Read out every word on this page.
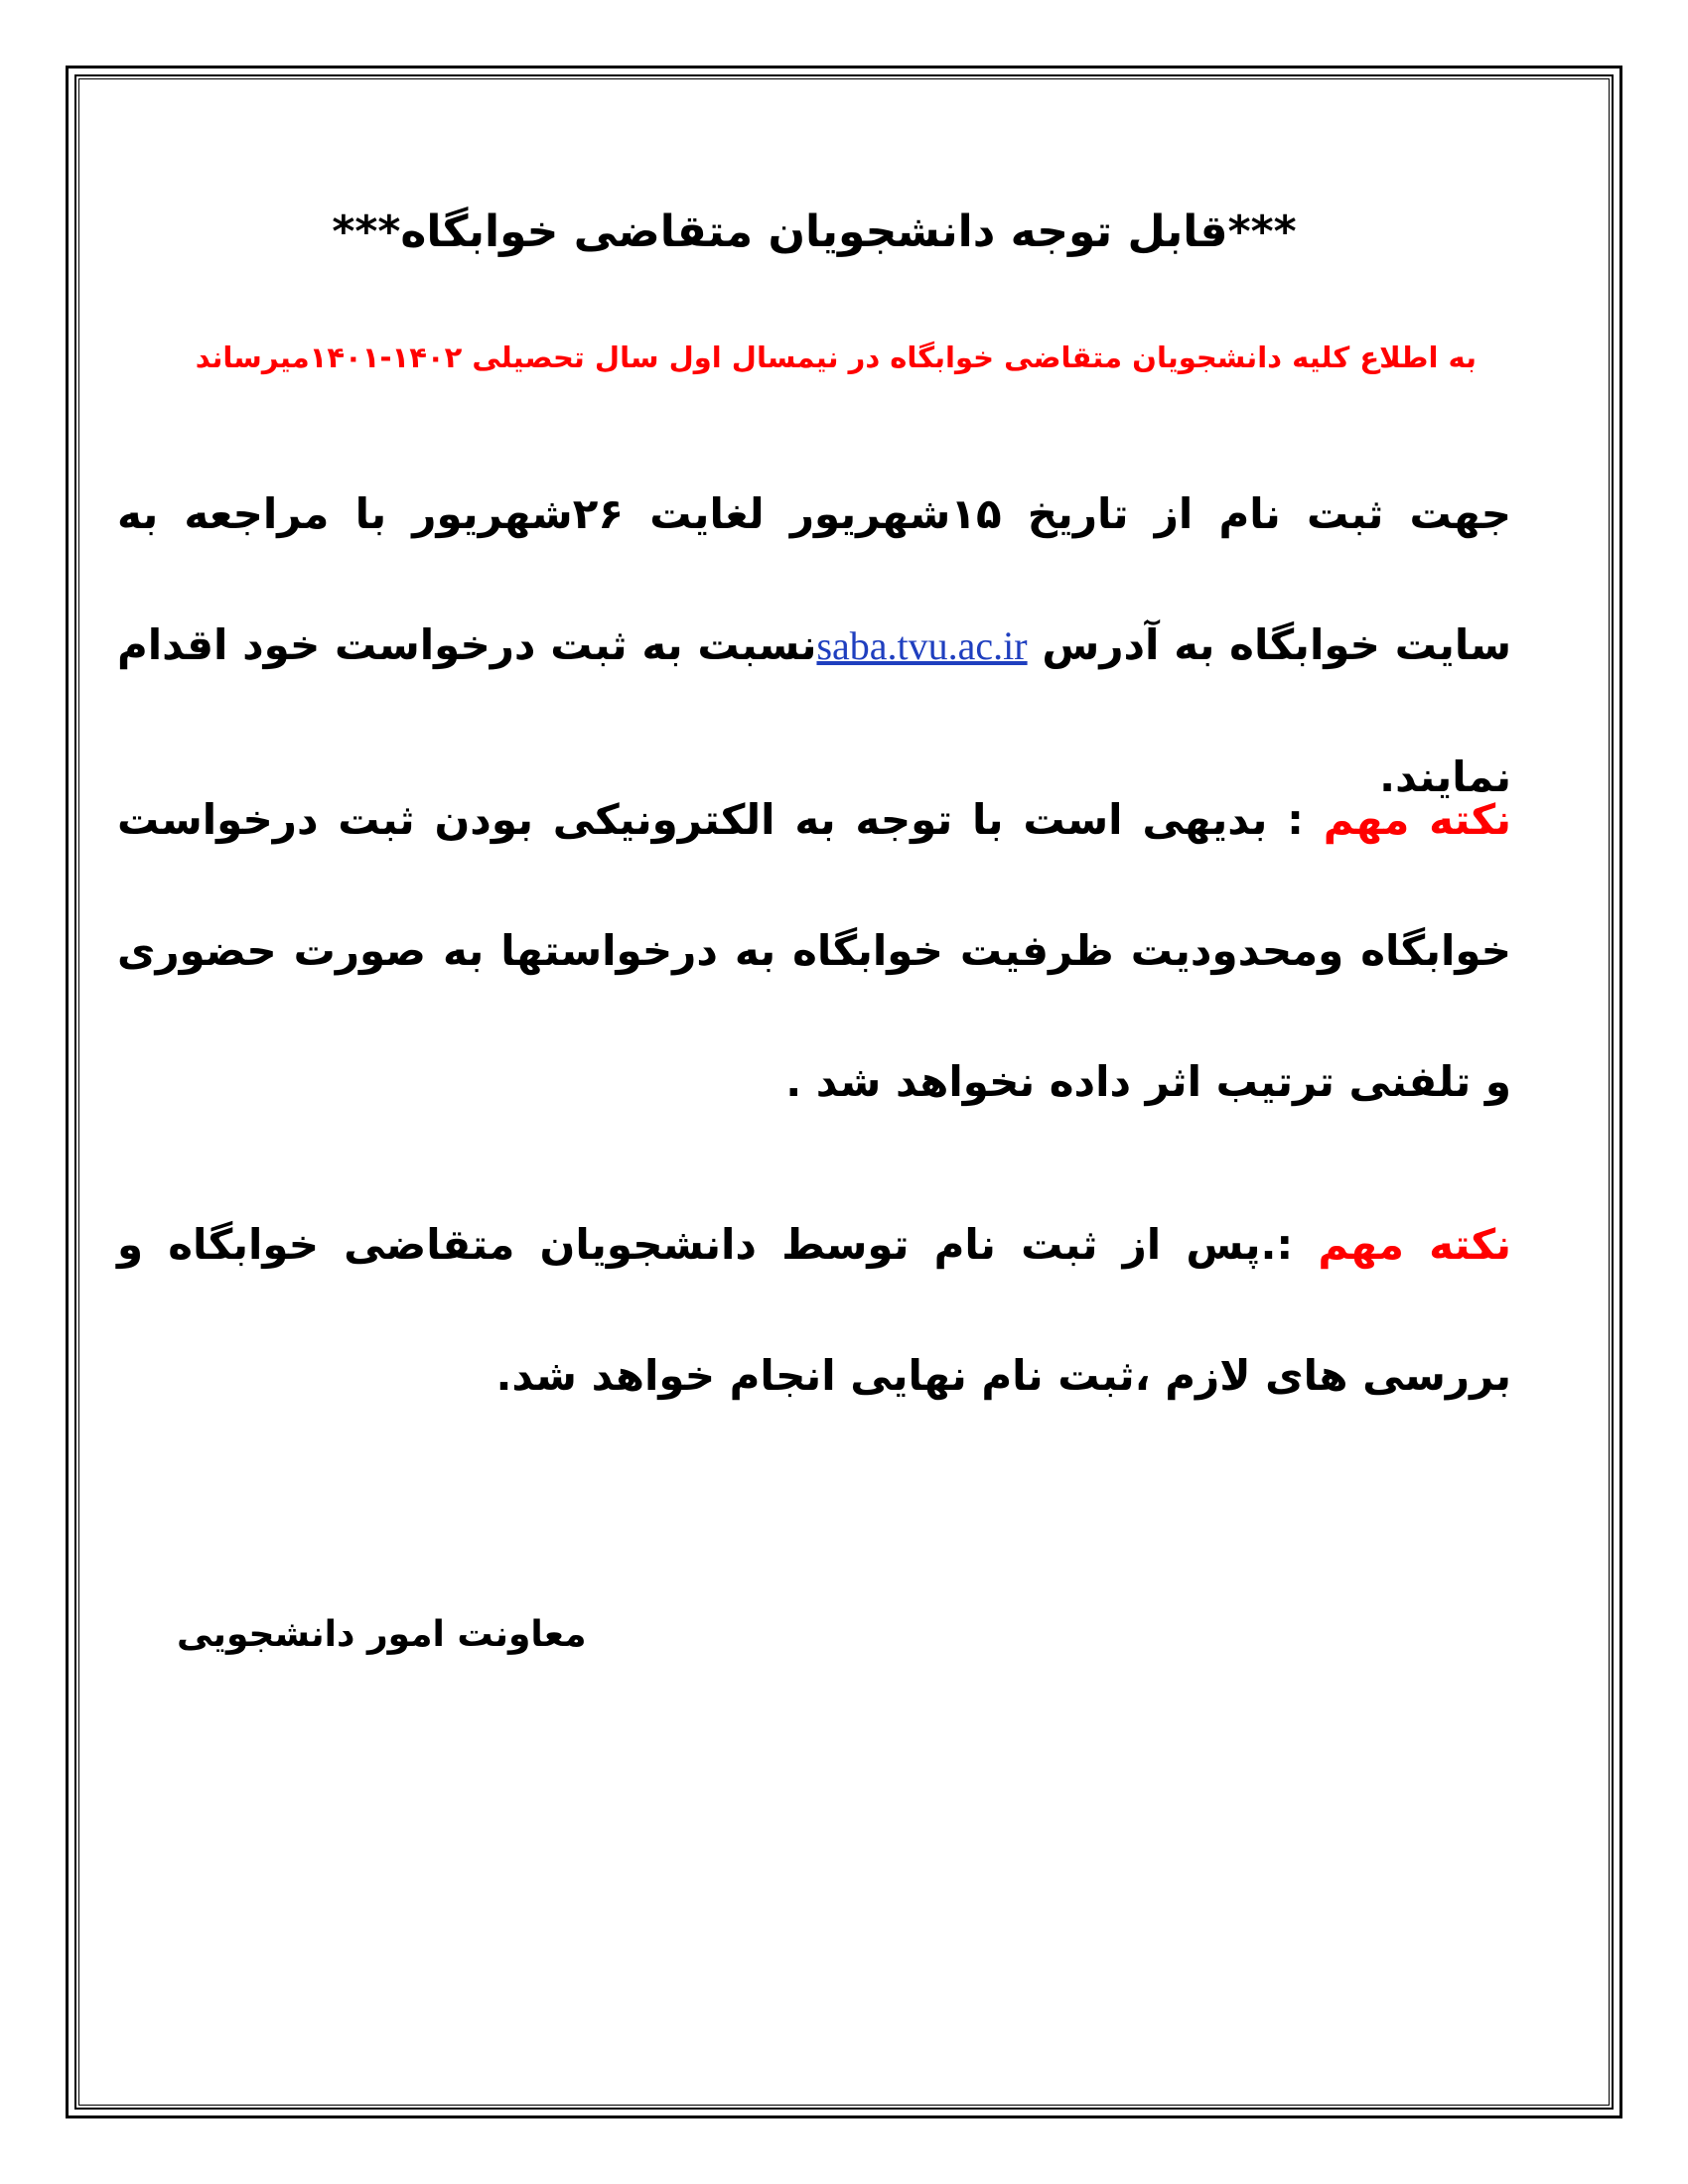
***قابل توجه دانشجویان متقاضی خوابگاه***
به اطلاع کلیه دانشجویان متقاضی خوابگاه در نیمسال اول سال تحصیلی ۱۴۰۲-۱۴۰۱میرساند
جهت ثبت نام از تاریخ ۱۵شهریور لغایت ۲۶شهریور با مراجعه به سایت خوابگاه به آدرس saba.tvu.ac.irنسبت به ثبت درخواست خود اقدام نمایند.
نکته مهم : بدیهی است با توجه به الکترونیکی بودن ثبت درخواست خوابگاه ومحدودیت ظرفیت خوابگاه به درخواستها به صورت حضوری و تلفنی ترتیب اثر داده نخواهد شد .
نکته مهم :.پس از ثبت نام توسط دانشجویان متقاضی خوابگاه و بررسی های لازم ،ثبت نام نهایی انجام خواهد شد.
معاونت امور دانشجویی
